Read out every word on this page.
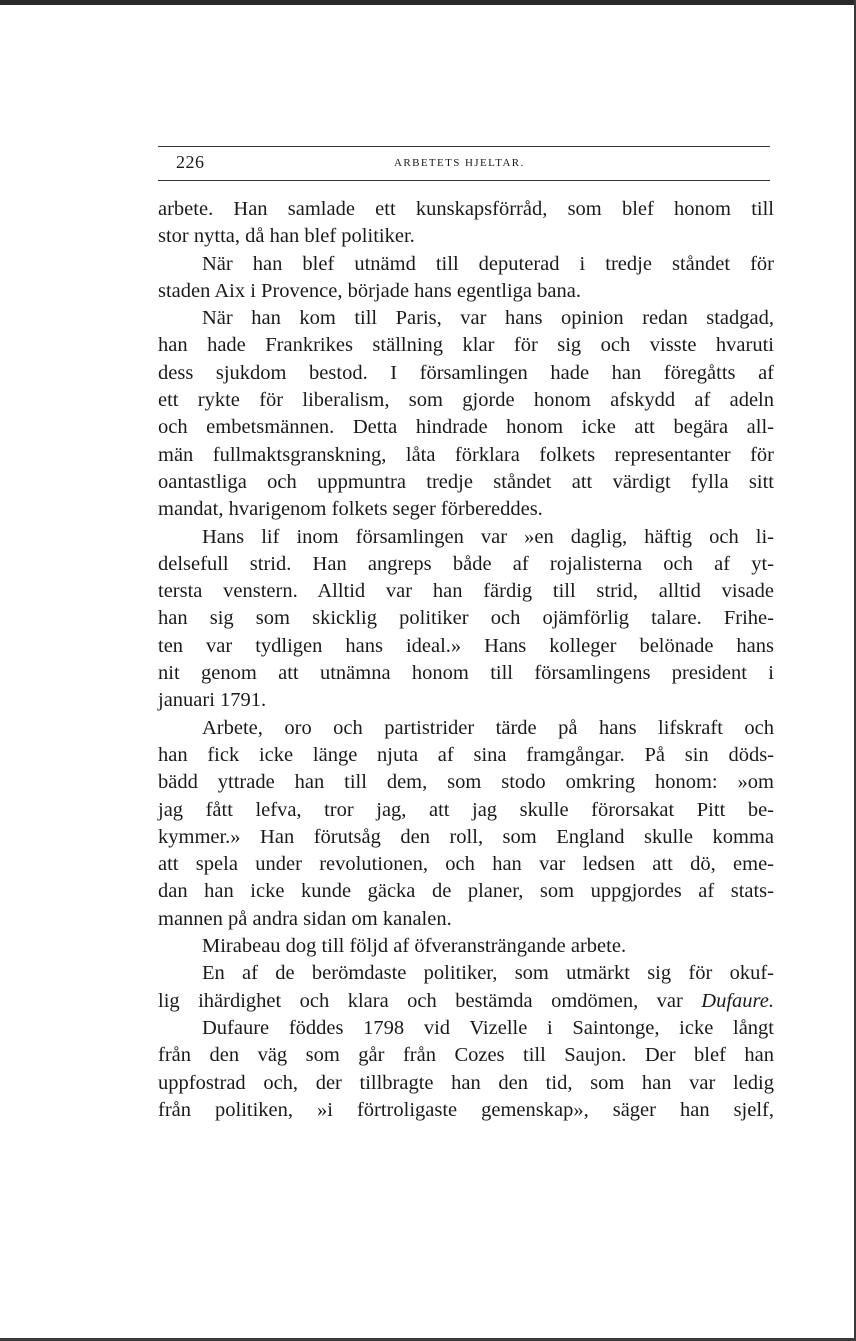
226	ARBETETS HJELTAR.
arbete. Han samlade ett kunskapsförråd, som blef honom till
stor nytta, då han blef politiker.
När han blef utnämd till deputerad i tredje ståndet för
staden Aix i Provence, började hans egentliga bana.
När han kom till Paris, var hans opinion redan stadgad,
han hade Frankrikes ställning klar för sig och visste hvaruti
dess sjukdom bestod. I församlingen hade han föregåtts af
ett rykte för liberalism, som gjorde honom afskydd af adeln
och embetsmännen. Detta hindrade honom icke att begära all-
män fullmaktsgranskning, låta förklara folkets representanter för
oantastliga och uppmuntra tredje ståndet att värdigt fylla sitt
mandat, hvarigenom folkets seger förbereddes.
Hans lif inom församlingen var »en daglig, häftig och li-
delsefull strid. Han angreps både af rojalisterna och af yt-
tersta venstern. Alltid var han färdig till strid, alltid visade
han sig som skicklig politiker och ojämförlig talare. Frihe-
ten var tydligen hans ideal.» Hans kolleger belönade hans
nit genom att utnämna honom till församlingens president i
januari 1791.
Arbete, oro och partistrider tärde på hans lifskraft och
han fick icke länge njuta af sina framgångar. På sin döds-
bädd yttrade han till dem, som stodo omkring honom: »om
jag fått lefva, tror jag, att jag skulle förorsakat Pitt be-
kymmer.» Han förutsåg den roll, som England skulle komma
att spela under revolutionen, och han var ledsen att dö, eme-
dan han icke kunde gäcka de planer, som uppgjordes af stats-
mannen på andra sidan om kanalen.
Mirabeau dog till följd af öfveransträngande arbete.
En af de berömdaste politiker, som utmärkt sig för okuf-
lig ihärdighet och klara och bestämda omdömen, var Dufaure.
Dufaure föddes 1798 vid Vizelle i Saintonge, icke långt
från den väg som går från Cozes till Saujon. Der blef han
uppfostrad och, der tillbragte han den tid, som han var ledig
från politiken, »i förtroligaste gemenskap», säger han sjelf,
